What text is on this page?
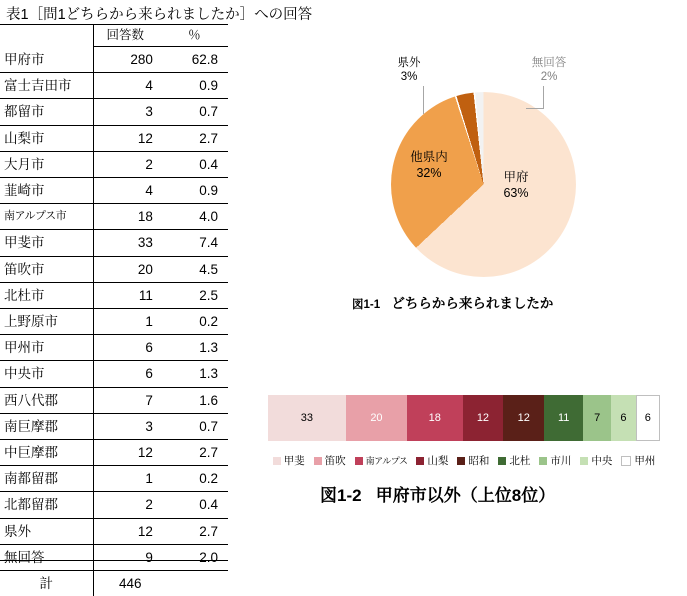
表1［問1どちらから来られましたか］への回答
	回答数	％
甲府市	280	62.8
富士吉田市	4	0.9
都留市	3	0.7
山梨市	12	2.7
大月市	2	0.4
韮崎市	4	0.9
南アルプス市	18	4.0
甲斐市	33	7.4
笛吹市	20	4.5
北杜市	11	2.5
上野原市	1	0.2
甲州市	6	1.3
中央市	6	1.3
西八代郡	7	1.6
南巨摩郡	3	0.7
中巨摩郡	12	2.7
南都留郡	1	0.2
北都留郡	2	0.4
県外	12	2.7
無回答	9	2.0
計	446	
甲府
63%
他県内
32%
県外
3%
無回答
2%
図1-1 どちらから来られましたか
33	20	18	12	12	11	7	6	6
甲斐 笛吹 南アルプス 山梨 昭和 北杜 市川 中央 甲州
図1-2 甲府市以外（上位8位）
